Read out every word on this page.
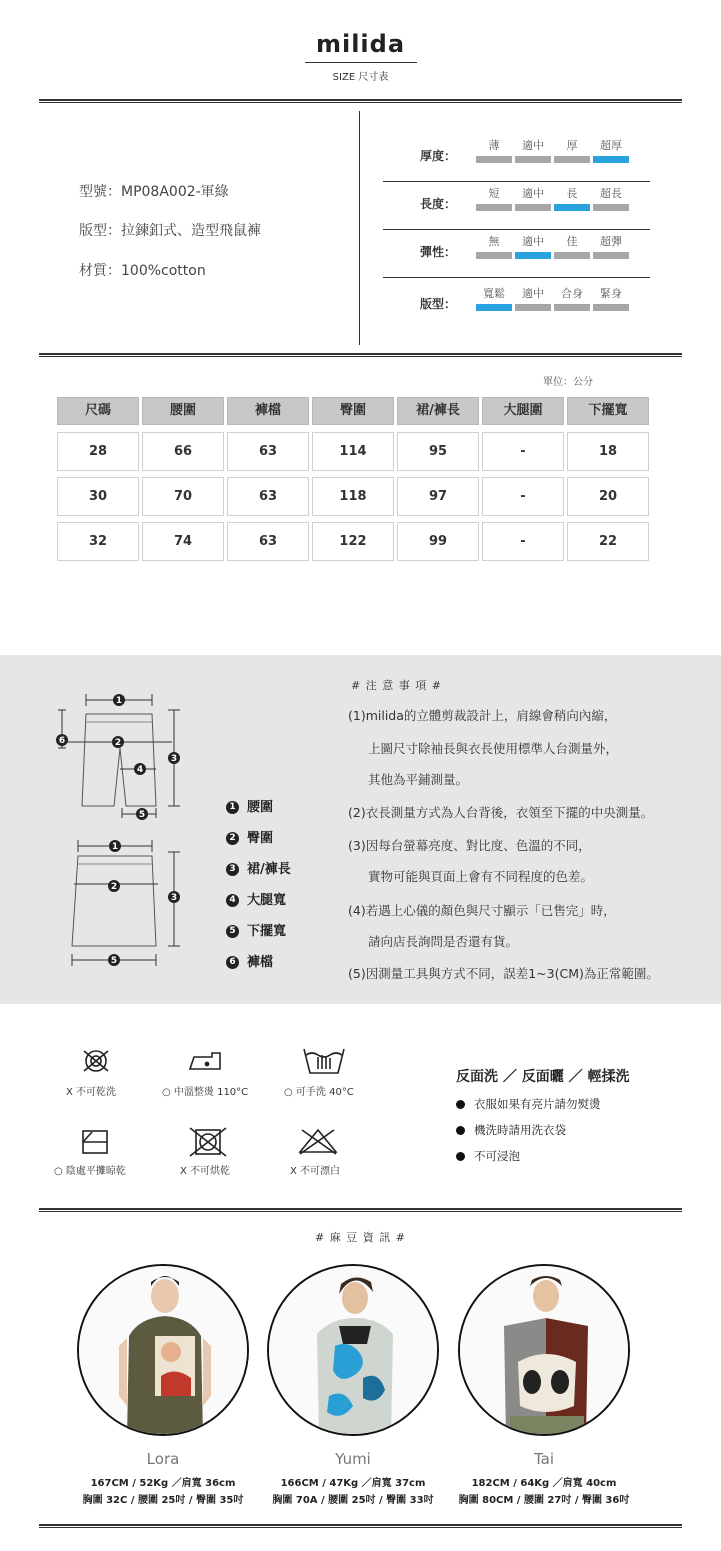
milida
SIZE 尺寸表
型號：MP08A002-軍綠
版型：拉鍊釦式、造型飛鼠褲
材質：100%cotton
厚度：
薄	適中	厚	超厚
長度：
短	適中	長	超長
彈性：
無	適中	佳	超彈
版型：
寬鬆	適中	合身	緊身
單位：公分
尺碼	腰圍	褲檔	臀圍	裙/褲長	大腿圍	下擺寬
28	66	63	114	95	-	18
30	70	63	118	97	-	20
32	74	63	122	99	-	22
1
2
3
4
5
6
1
2
3
5
1 腰圍
2 臀圍
3 裙/褲長
4 大腿寬
5 下擺寬
6 褲檔
# 注 意 事 項 #
(1)milida的立體剪裁設計上，肩線會稍向內縮，
上圖尺寸除袖長與衣長使用標準人台測量外，
其他為平鋪測量。
(2)衣長測量方式為人台背後，衣領至下擺的中央測量。
(3)因每台螢幕亮度、對比度、色溫的不同，
實物可能與頁面上會有不同程度的色差。
(4)若遇上心儀的顏色與尺寸顯示「已售完」時，
請向店長詢問是否還有貨。
(5)因測量工具與方式不同，誤差1~3(CM)為正常範圍。
X 不可乾洗	○ 中溫整燙 110°C	○ 可手洗 40°C
○ 陰處平攤晾乾	X 不可烘乾	X 不可漂白
反面洗 ／ 反面曬 ／ 輕揉洗
衣服如果有亮片請勿熨燙
機洗時請用洗衣袋
不可浸泡
# 麻 豆 資 訊 #
Lora
167CM / 52Kg ／肩寬 36cm
胸圍 32C / 腰圍 25吋 / 臀圍 35吋
Yumi
166CM / 47Kg ／肩寬 37cm
胸圍 70A / 腰圍 25吋 / 臀圍 33吋
Tai
182CM / 64Kg ／肩寬 40cm
胸圍 80CM / 腰圍 27吋 / 臀圍 36吋
